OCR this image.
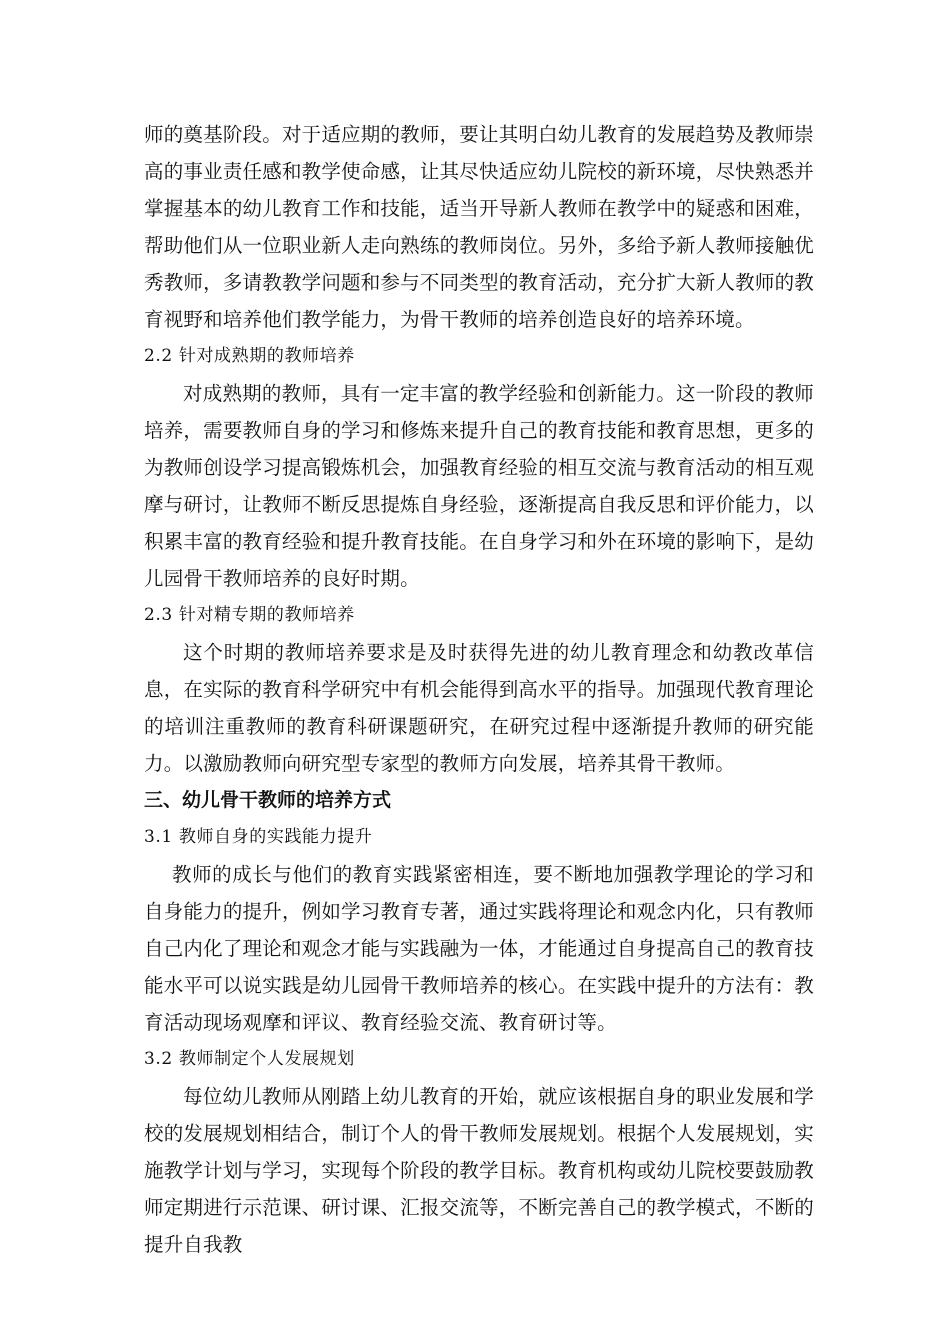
师的奠基阶段。对于适应期的教师，要让其明白幼儿教育的发展趋势及教师崇高的事业责任感和教学使命感，让其尽快适应幼儿院校的新环境，尽快熟悉并掌握基本的幼儿教育工作和技能，适当开导新人教师在教学中的疑惑和困难，帮助他们从一位职业新人走向熟练的教师岗位。另外，多给予新人教师接触优秀教师，多请教教学问题和参与不同类型的教育活动，充分扩大新人教师的教育视野和培养他们教学能力，为骨干教师的培养创造良好的培养环境。

2.2 针对成熟期的教师培养

对成熟期的教师，具有一定丰富的教学经验和创新能力。这一阶段的教师培养，需要教师自身的学习和修炼来提升自己的教育技能和教育思想，更多的为教师创设学习提高锻炼机会，加强教育经验的相互交流与教育活动的相互观摩与研讨，让教师不断反思提炼自身经验，逐渐提高自我反思和评价能力，以积累丰富的教育经验和提升教育技能。在自身学习和外在环境的影响下，是幼儿园骨干教师培养的良好时期。

2.3 针对精专期的教师培养

这个时期的教师培养要求是及时获得先进的幼儿教育理念和幼教改革信息，在实际的教育科学研究中有机会能得到高水平的指导。加强现代教育理论的培训注重教师的教育科研课题研究，在研究过程中逐渐提升教师的研究能力。以激励教师向研究型专家型的教师方向发展，培养其骨干教师。

三、幼儿骨干教师的培养方式

3.1 教师自身的实践能力提升

教师的成长与他们的教育实践紧密相连，要不断地加强教学理论的学习和自身能力的提升，例如学习教育专著，通过实践将理论和观念内化，只有教师自己内化了理论和观念才能与实践融为一体，才能通过自身提高自己的教育技能水平可以说实践是幼儿园骨干教师培养的核心。在实践中提升的方法有：教育活动现场观摩和评议、教育经验交流、教育研讨等。

3.2 教师制定个人发展规划

每位幼儿教师从刚踏上幼儿教育的开始，就应该根据自身的职业发展和学校的发展规划相结合，制订个人的骨干教师发展规划。根据个人发展规划，实施教学计划与学习，实现每个阶段的教学目标。教育机构或幼儿院校要鼓励教师定期进行示范课、研讨课、汇报交流等，不断完善自己的教学模式，不断的提升自我教
